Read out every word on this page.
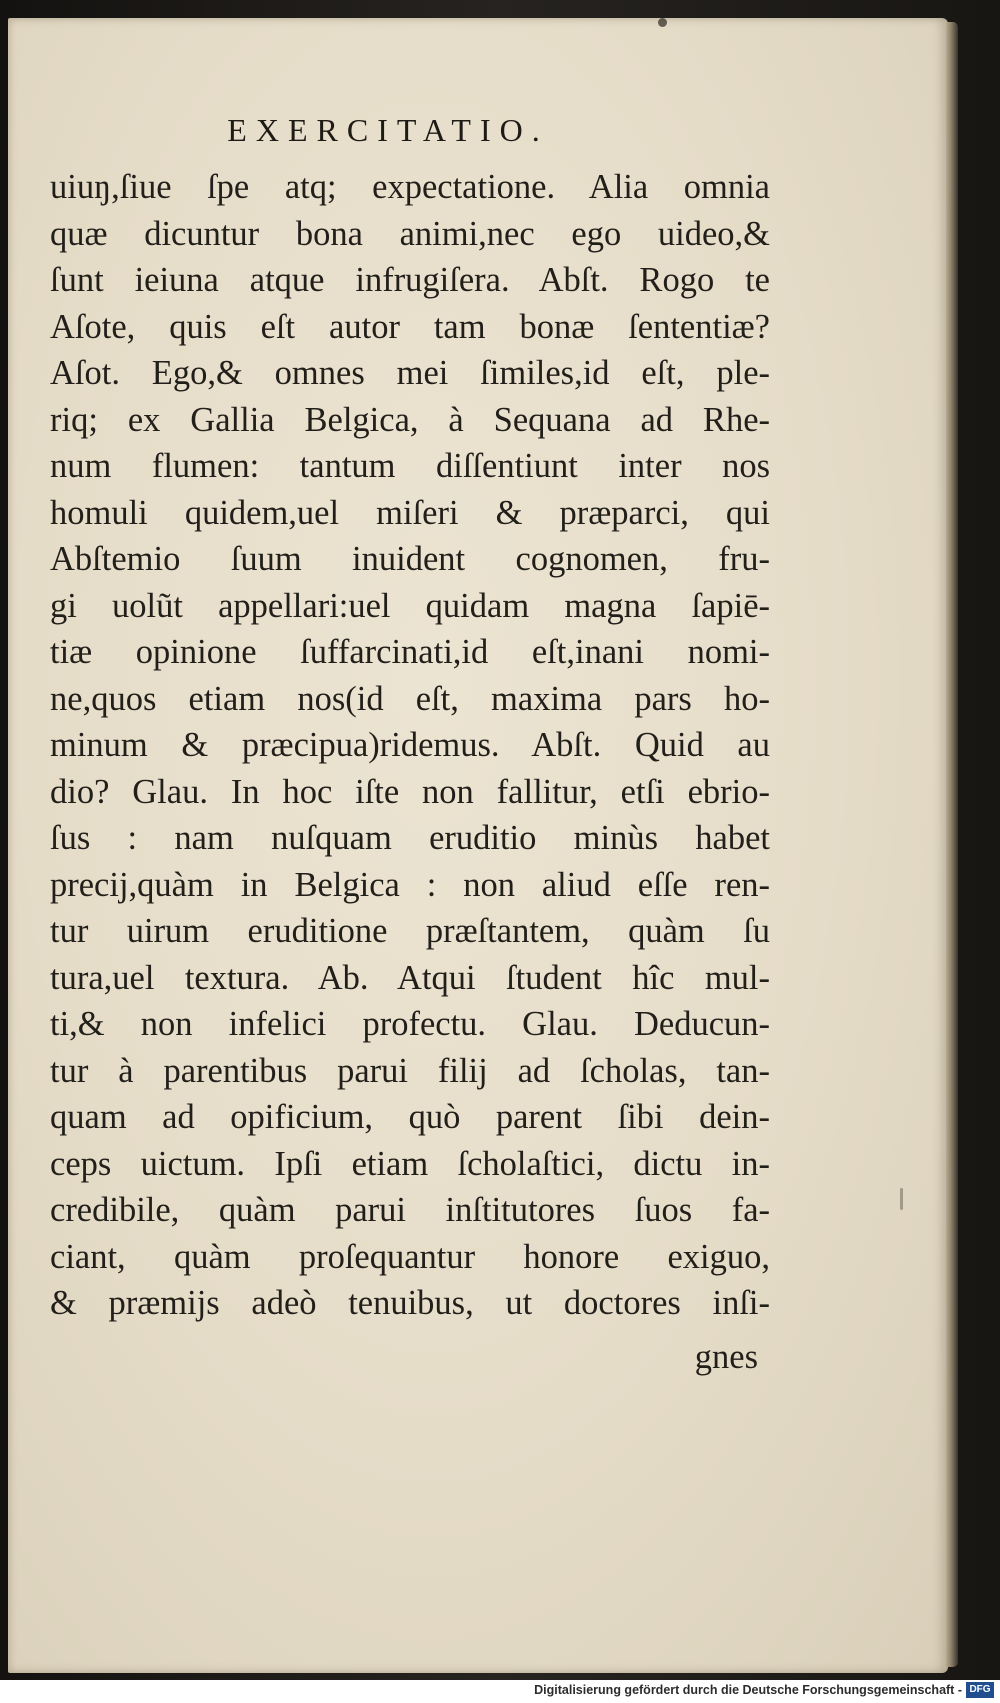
EXERCITATIO.
uiuŋ,ſiue ſpe atq; expectatione. Alia omnia
quæ dicuntur bona animi,nec ego uideo,&
ſunt ieiuna atque infrugiſera. Abſt. Rogo te
Aſote, quis eſt autor tam bonæ ſententiæ?
Aſot. Ego,& omnes mei ſimiles,id eſt, ple-
riq; ex Gallia Belgica, à Sequana ad Rhe-
num flumen: tantum diſſentiunt inter nos
homuli quidem,uel miſeri & præparci, qui
Abſtemio ſuum inuident cognomen, fru-
gi uolũt appellari:uel quidam magna ſapiē-
tiæ opinione ſuffarcinati,id eſt,inani nomi-
ne,quos etiam nos(id eſt, maxima pars ho-
minum & præcipua)ridemus. Abſt. Quid au
dio? Glau. In hoc iſte non fallitur, etſi ebrio-
ſus : nam nuſquam eruditio minùs habet
precij,quàm in Belgica : non aliud eſſe ren-
tur uirum eruditione præſtantem, quàm ſu
tura,uel textura. Ab. Atqui ſtudent hîc mul-
ti,& non infelici profectu. Glau. Deducun-
tur à parentibus parui filij ad ſcholas, tan-
quam ad opificium, quò parent ſibi dein-
ceps uictum. Ipſi etiam ſcholaſtici, dictu in-
credibile, quàm parui inſtitutores ſuos fa-
ciant, quàm proſequantur honore exiguo,
& præmijs adeò tenuibus, ut doctores inſi-
gnes
Digitalisierung gefördert durch die Deutsche Forschungsgemeinschaft - DFG
